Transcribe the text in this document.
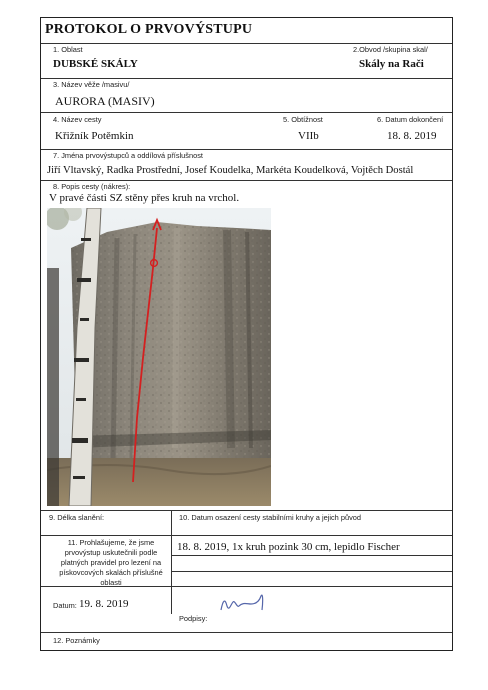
PROTOKOL O PRVOVÝSTUPU
1. Oblast
DUBSKÉ SKÁLY
2.Obvod /skupina skal/
Skály na Rači
3. Název věže /masivu/
AURORA (MASIV)
4. Název cesty
Křižník Potěmkin
5. Obtížnost
VIIb
6. Datum dokončení
18. 8. 2019
7. Jména prvovýstupců a oddílová příslušnost
Jiří Vltavský, Radka Prostřední, Josef Koudelka, Markéta Koudelková, Vojtěch Dostál
8. Popis cesty (nákres):
V pravé části SZ stěny přes kruh na vrchol.
9. Délka slanění:	10. Datum osazení cesty stabilními kruhy a jejich původ
11. Prohlašujeme, že jsme prvovýstup uskutečnili podle platných pravidel pro lezení na pískovcových skalách příslušné oblasti
18. 8. 2019, 1x kruh pozink 30 cm, lepidlo Fischer
Datum: 19. 8. 2019
Podpisy:
12. Poznámky
